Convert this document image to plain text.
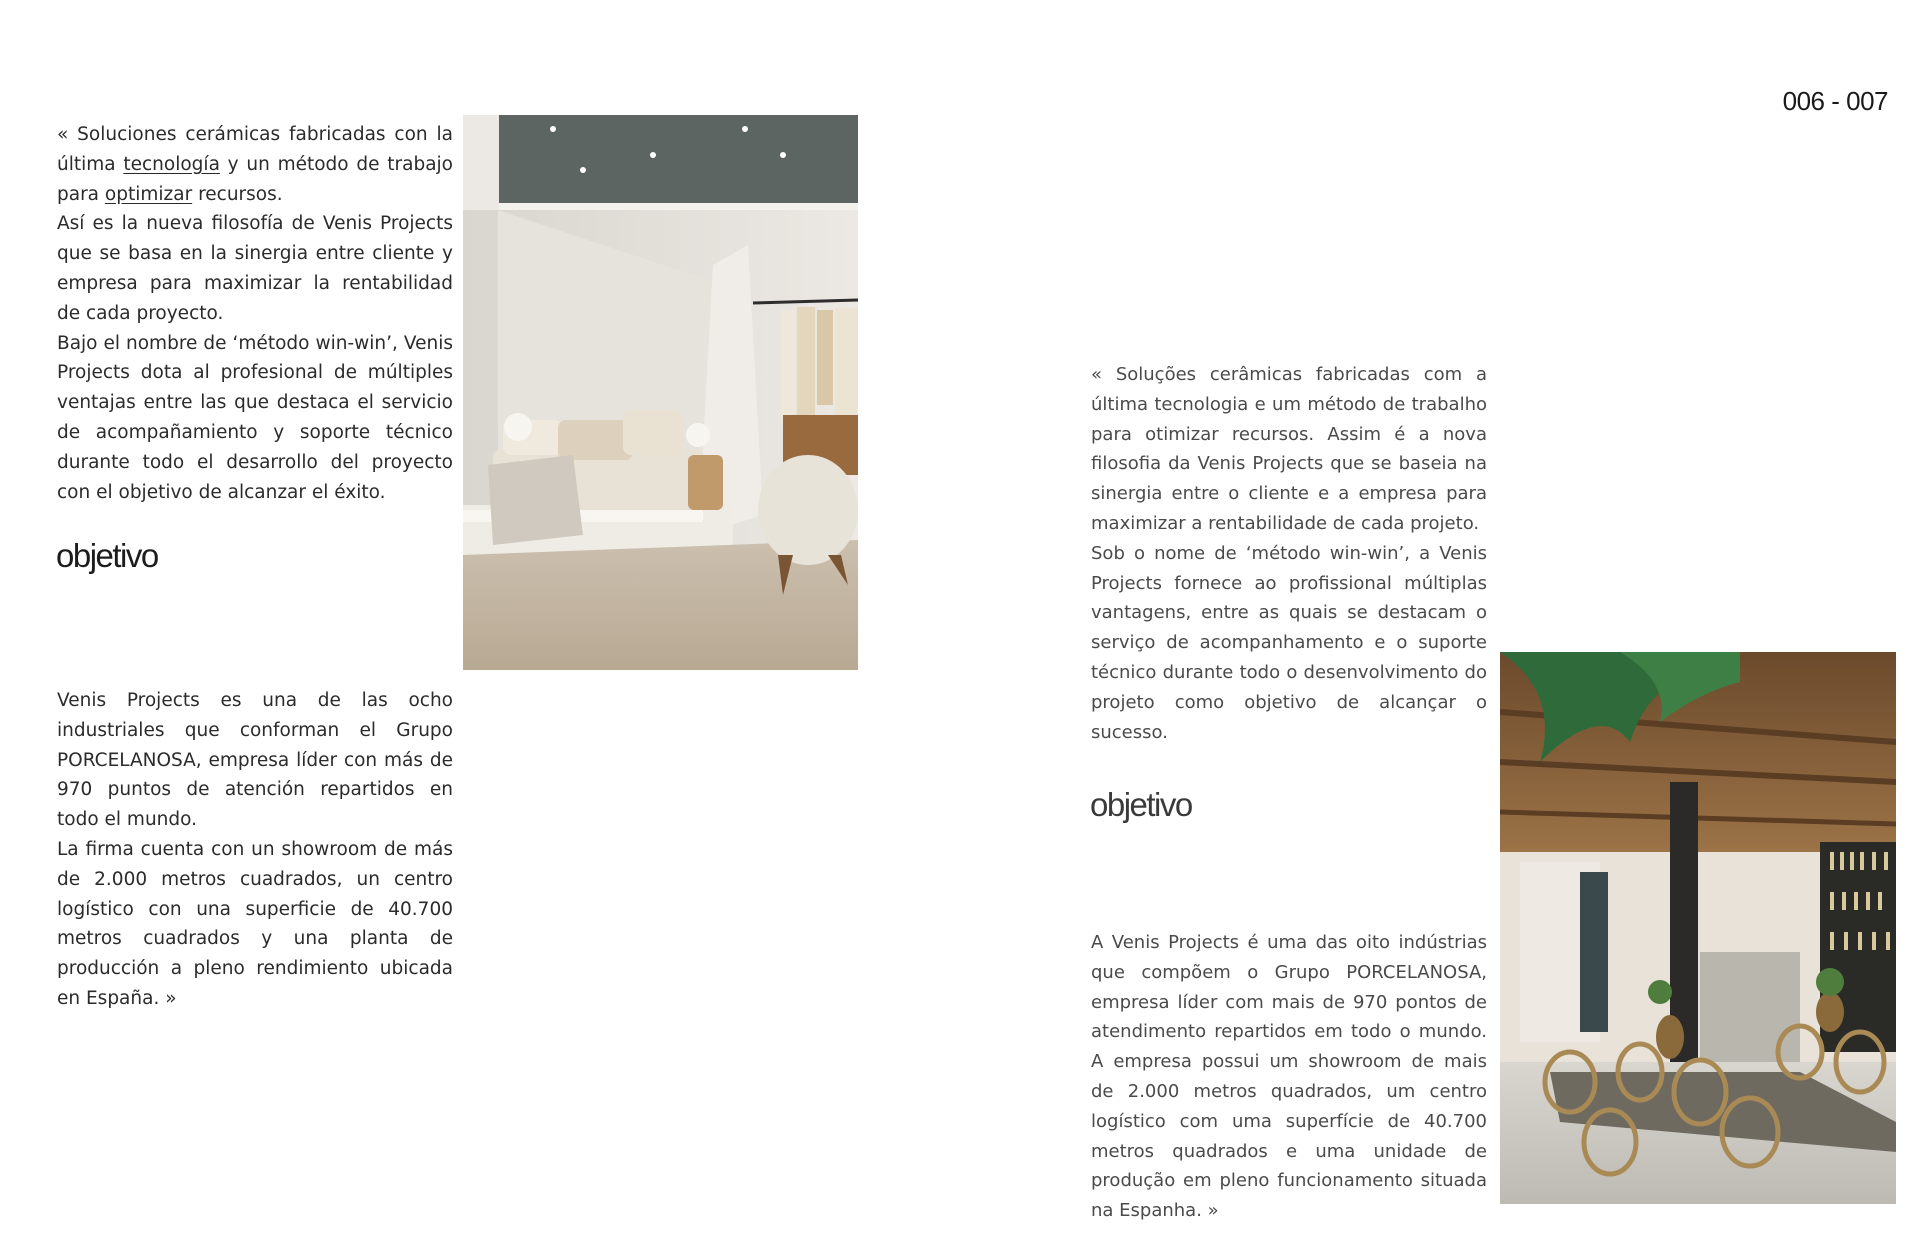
006 - 007

« Soluciones cerámicas fabricadas con la última tecnología y un método de trabajo para optimizar recursos.

Así es la nueva filosofía de Venis Projects que se basa en la sinergia entre cliente y empresa para maximizar la rentabilidad de cada proyecto.

Bajo el nombre de ‘método win-win’, Venis Projects dota al profesional de múltiples ventajas entre las que destaca el servicio de acompañamiento y soporte técnico durante todo el desarrollo del proyecto con el objetivo de alcanzar el éxito.

objetivo

Venis Projects es una de las ocho industriales que conforman el Grupo PORCELANOSA, empresa líder con más de 970 puntos de atención repartidos en todo el mundo.

La firma cuenta con un showroom de más de 2.000 metros cuadrados, un centro logístico con una superficie de 40.700 metros cuadrados y una planta de producción a pleno rendimiento ubicada en España. »

« Soluções cerâmicas fabricadas com a última tecnologia e um método de trabalho para otimizar recursos. Assim é a nova filosofia da Venis Projects que se baseia na sinergia entre o cliente e a empresa para maximizar a rentabilidade de cada projeto.

Sob o nome de ‘método win-win’, a Venis Projects fornece ao profissional múltiplas vantagens, entre as quais se destacam o serviço de acompanhamento e o suporte técnico durante todo o desenvolvimento do projeto como objetivo de alcançar o sucesso.

objetivo

A Venis Projects é uma das oito indústrias que compõem o Grupo PORCELANOSA, empresa líder com mais de 970 pontos de atendimento repartidos em todo o mundo. A empresa possui um showroom de mais de 2.000 metros quadrados, um centro logístico com uma superfície de 40.700 metros quadrados e uma unidade de produção em pleno funcionamento situada na Espanha. »
